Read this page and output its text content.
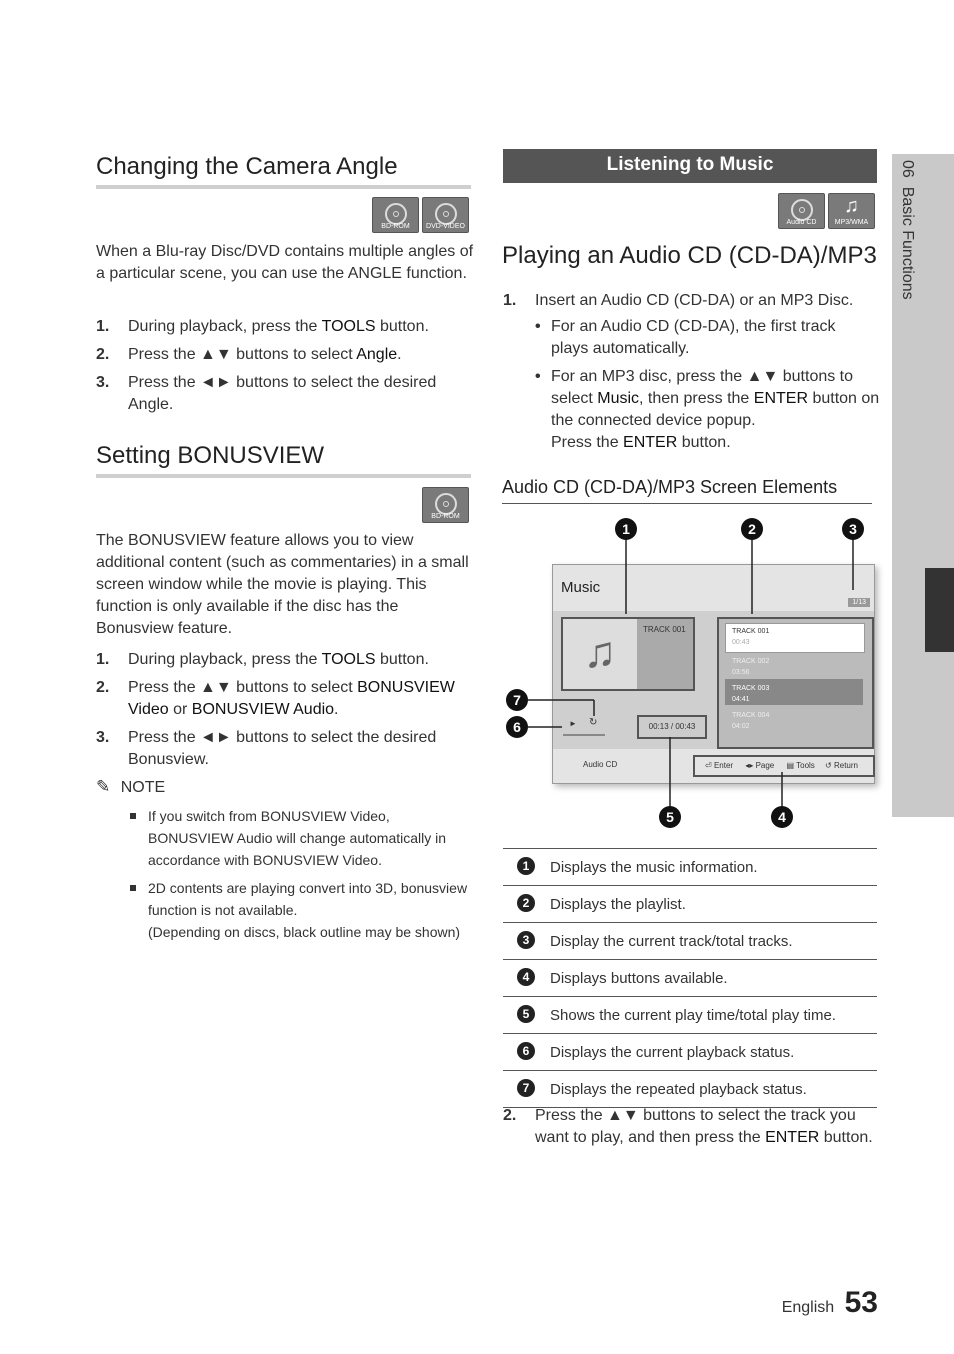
06  Basic Functions
Changing the Camera Angle
BD-ROM	DVD-VIDEO
When a Blu-ray Disc/DVD contains multiple angles of a particular scene, you can use the ANGLE function.
1. During playback, press the TOOLS button.
2. Press the ▲▼ buttons to select Angle.
3. Press the ◄► buttons to select the desired Angle.
Setting BONUSVIEW
BD-ROM
The BONUSVIEW feature allows you to view additional content (such as commentaries) in a small screen window while the movie is playing. This function is only available if the disc has the Bonusview feature.
1. During playback, press the TOOLS button.
2. Press the ▲▼ buttons to select BONUSVIEW Video or BONUSVIEW Audio.
3. Press the ◄► buttons to select the desired Bonusview.
✎ NOTE
If you switch from BONUSVIEW Video, BONUSVIEW Audio will change automatically in accordance with BONUSVIEW Video.
2D contents are playing convert into 3D, bonusview function is not available.
(Depending on discs, black outline may be shown)
Listening to Music
Audio CD
♫
MP3/WMA
Playing an Audio CD (CD-DA)/MP3
1. Insert an Audio CD (CD-DA) or an MP3 Disc.
• For an Audio CD (CD-DA), the first track plays automatically.
• For an MP3 disc, press the ▲▼ buttons to select Music, then press the ENTER button on the connected device popup.
Press the ENTER button.
Audio CD (CD-DA)/MP3 Screen Elements
Music
1/13
♫	TRACK 001	TRACK 001
00:43
TRACK 002
03:56
TRACK 003
04:41
TRACK 004
04:02
► ↻	00:13 / 00:43
Audio CD	⏎ Enter ◂▸ Page ▤ Tools ↺ Return
1	2	3
7
6
5	4
1	Displays the music information.

2	Displays the playlist.

3	Display the current track/total tracks.

4	Displays buttons available.

5	Shows the current play time/total play time.

6	Displays the current playback status.

7	Displays the repeated playback status.
2. Press the ▲▼ buttons to select the track you want to play, and then press the ENTER button.
English 53
